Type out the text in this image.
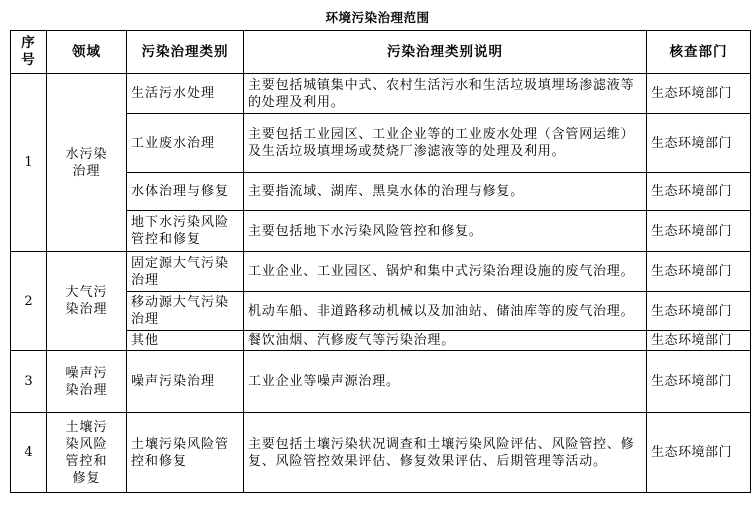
环境污染治理范围
序号	领域	污染治理类别	污染治理类别说明	核查部门
1	水污染治理	生活污水处理	主要包括城镇集中式、农村生活污水和生活垃圾填埋场渗滤液等的处理及利用。	生态环境部门
		工业废水治理	主要包括工业园区、工业企业等的工业废水处理（含管网运维）及生活垃圾填埋场或焚烧厂渗滤液等的处理及利用。	生态环境部门
		水体治理与修复	主要指流域、湖库、黑臭水体的治理与修复。	生态环境部门
		地下水污染风险管控和修复	主要包括地下水污染风险管控和修复。	生态环境部门
2	大气污染治理	固定源大气污染治理	工业企业、工业园区、锅炉和集中式污染治理设施的废气治理。	生态环境部门
		移动源大气污染治理	机动车船、非道路移动机械以及加油站、储油库等的废气治理。	生态环境部门
		其他	餐饮油烟、汽修废气等污染治理。	生态环境部门
3	噪声污染治理	噪声污染治理	工业企业等噪声源治理。	生态环境部门
4	土壤污染风险管控和修复	土壤污染风险管控和修复	主要包括土壤污染状况调查和土壤污染风险评估、风险管控、修复、风险管控效果评估、修复效果评估、后期管理等活动。	生态环境部门
